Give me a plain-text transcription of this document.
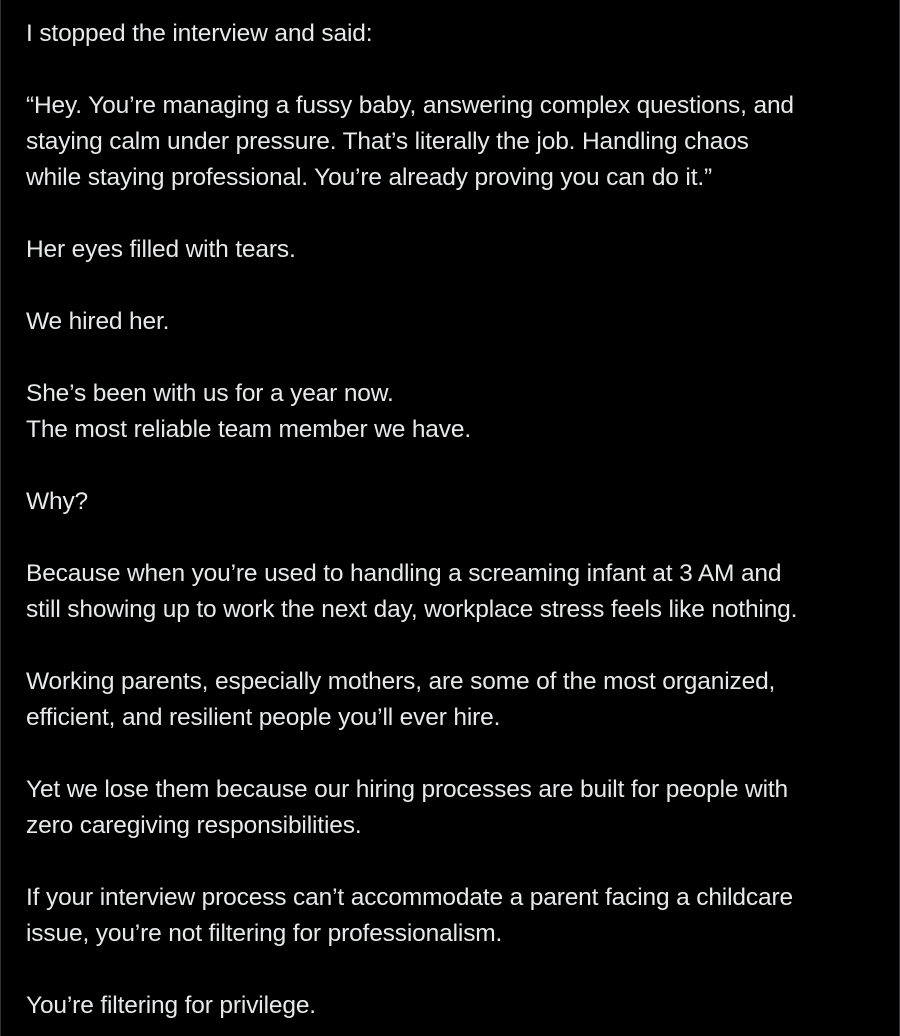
I stopped the interview and said:

“Hey. You’re managing a fussy baby, answering complex questions, and
staying calm under pressure. That’s literally the job. Handling chaos
while staying professional. You’re already proving you can do it.”

Her eyes filled with tears.

We hired her.

She’s been with us for a year now.
The most reliable team member we have.

Why?

Because when you’re used to handling a screaming infant at 3 AM and
still showing up to work the next day, workplace stress feels like nothing.

Working parents, especially mothers, are some of the most organized,
efficient, and resilient people you’ll ever hire.

Yet we lose them because our hiring processes are built for people with
zero caregiving responsibilities.

If your interview process can’t accommodate a parent facing a childcare
issue, you’re not filtering for professionalism.

You’re filtering for privilege.
